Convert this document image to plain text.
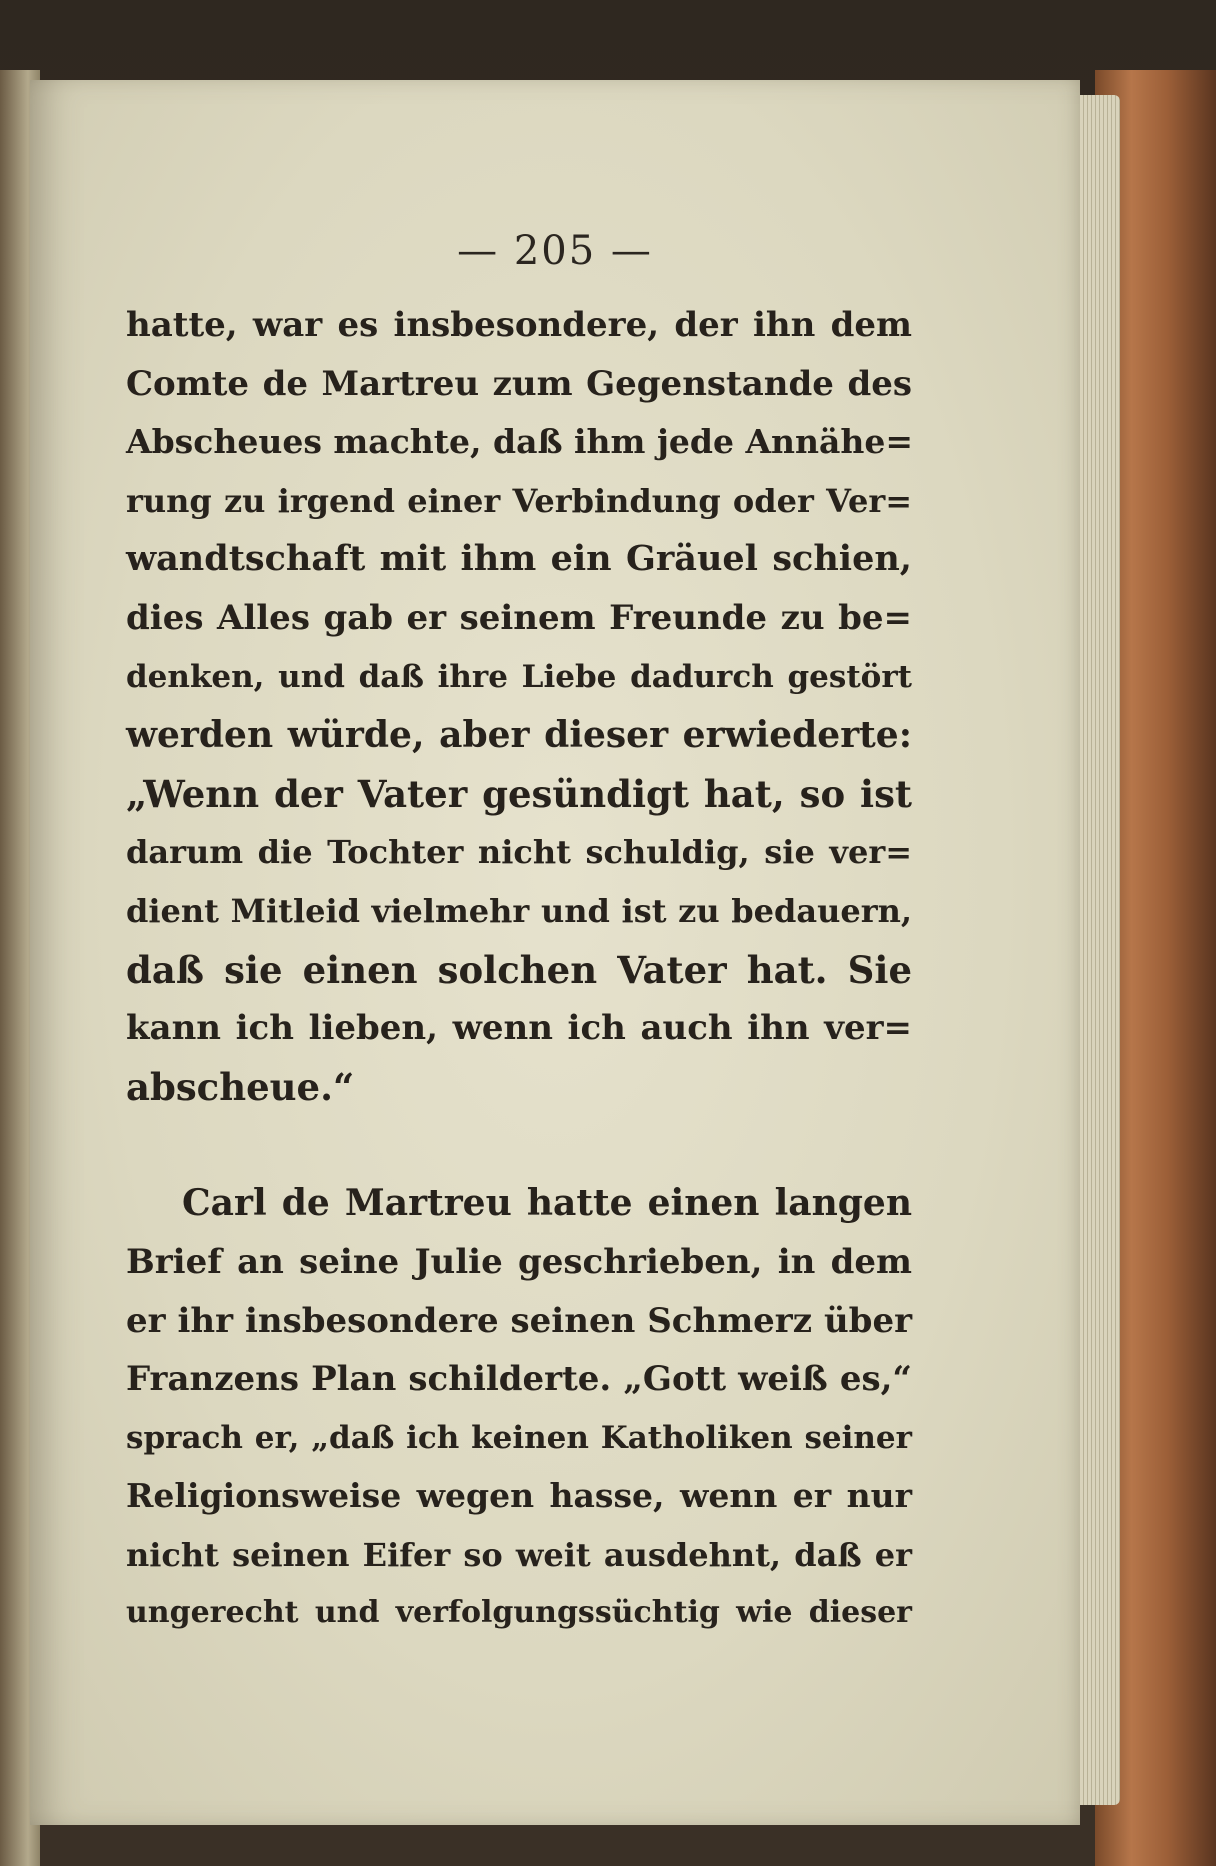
— 205 —
hatte, war es insbesondere, der ihn dem
Comte de Martreu zum Gegenstande des
Abscheues machte, daß ihm jede Annähe=
rung zu irgend einer Verbindung oder Ver=
wandtschaft mit ihm ein Gräuel schien,
dies Alles gab er seinem Freunde zu be=
denken, und daß ihre Liebe dadurch gestört
werden würde, aber dieser erwiederte:
„Wenn der Vater gesündigt hat, so ist
darum die Tochter nicht schuldig, sie ver=
dient Mitleid vielmehr und ist zu bedauern,
daß sie einen solchen Vater hat. Sie
kann ich lieben, wenn ich auch ihn ver=
abscheue.“
Carl de Martreu hatte einen langen
Brief an seine Julie geschrieben, in dem
er ihr insbesondere seinen Schmerz über
Franzens Plan schilderte. „Gott weiß es,“
sprach er, „daß ich keinen Katholiken seiner
Religionsweise wegen hasse, wenn er nur
nicht seinen Eifer so weit ausdehnt, daß er
ungerecht und verfolgungssüchtig wie dieser
